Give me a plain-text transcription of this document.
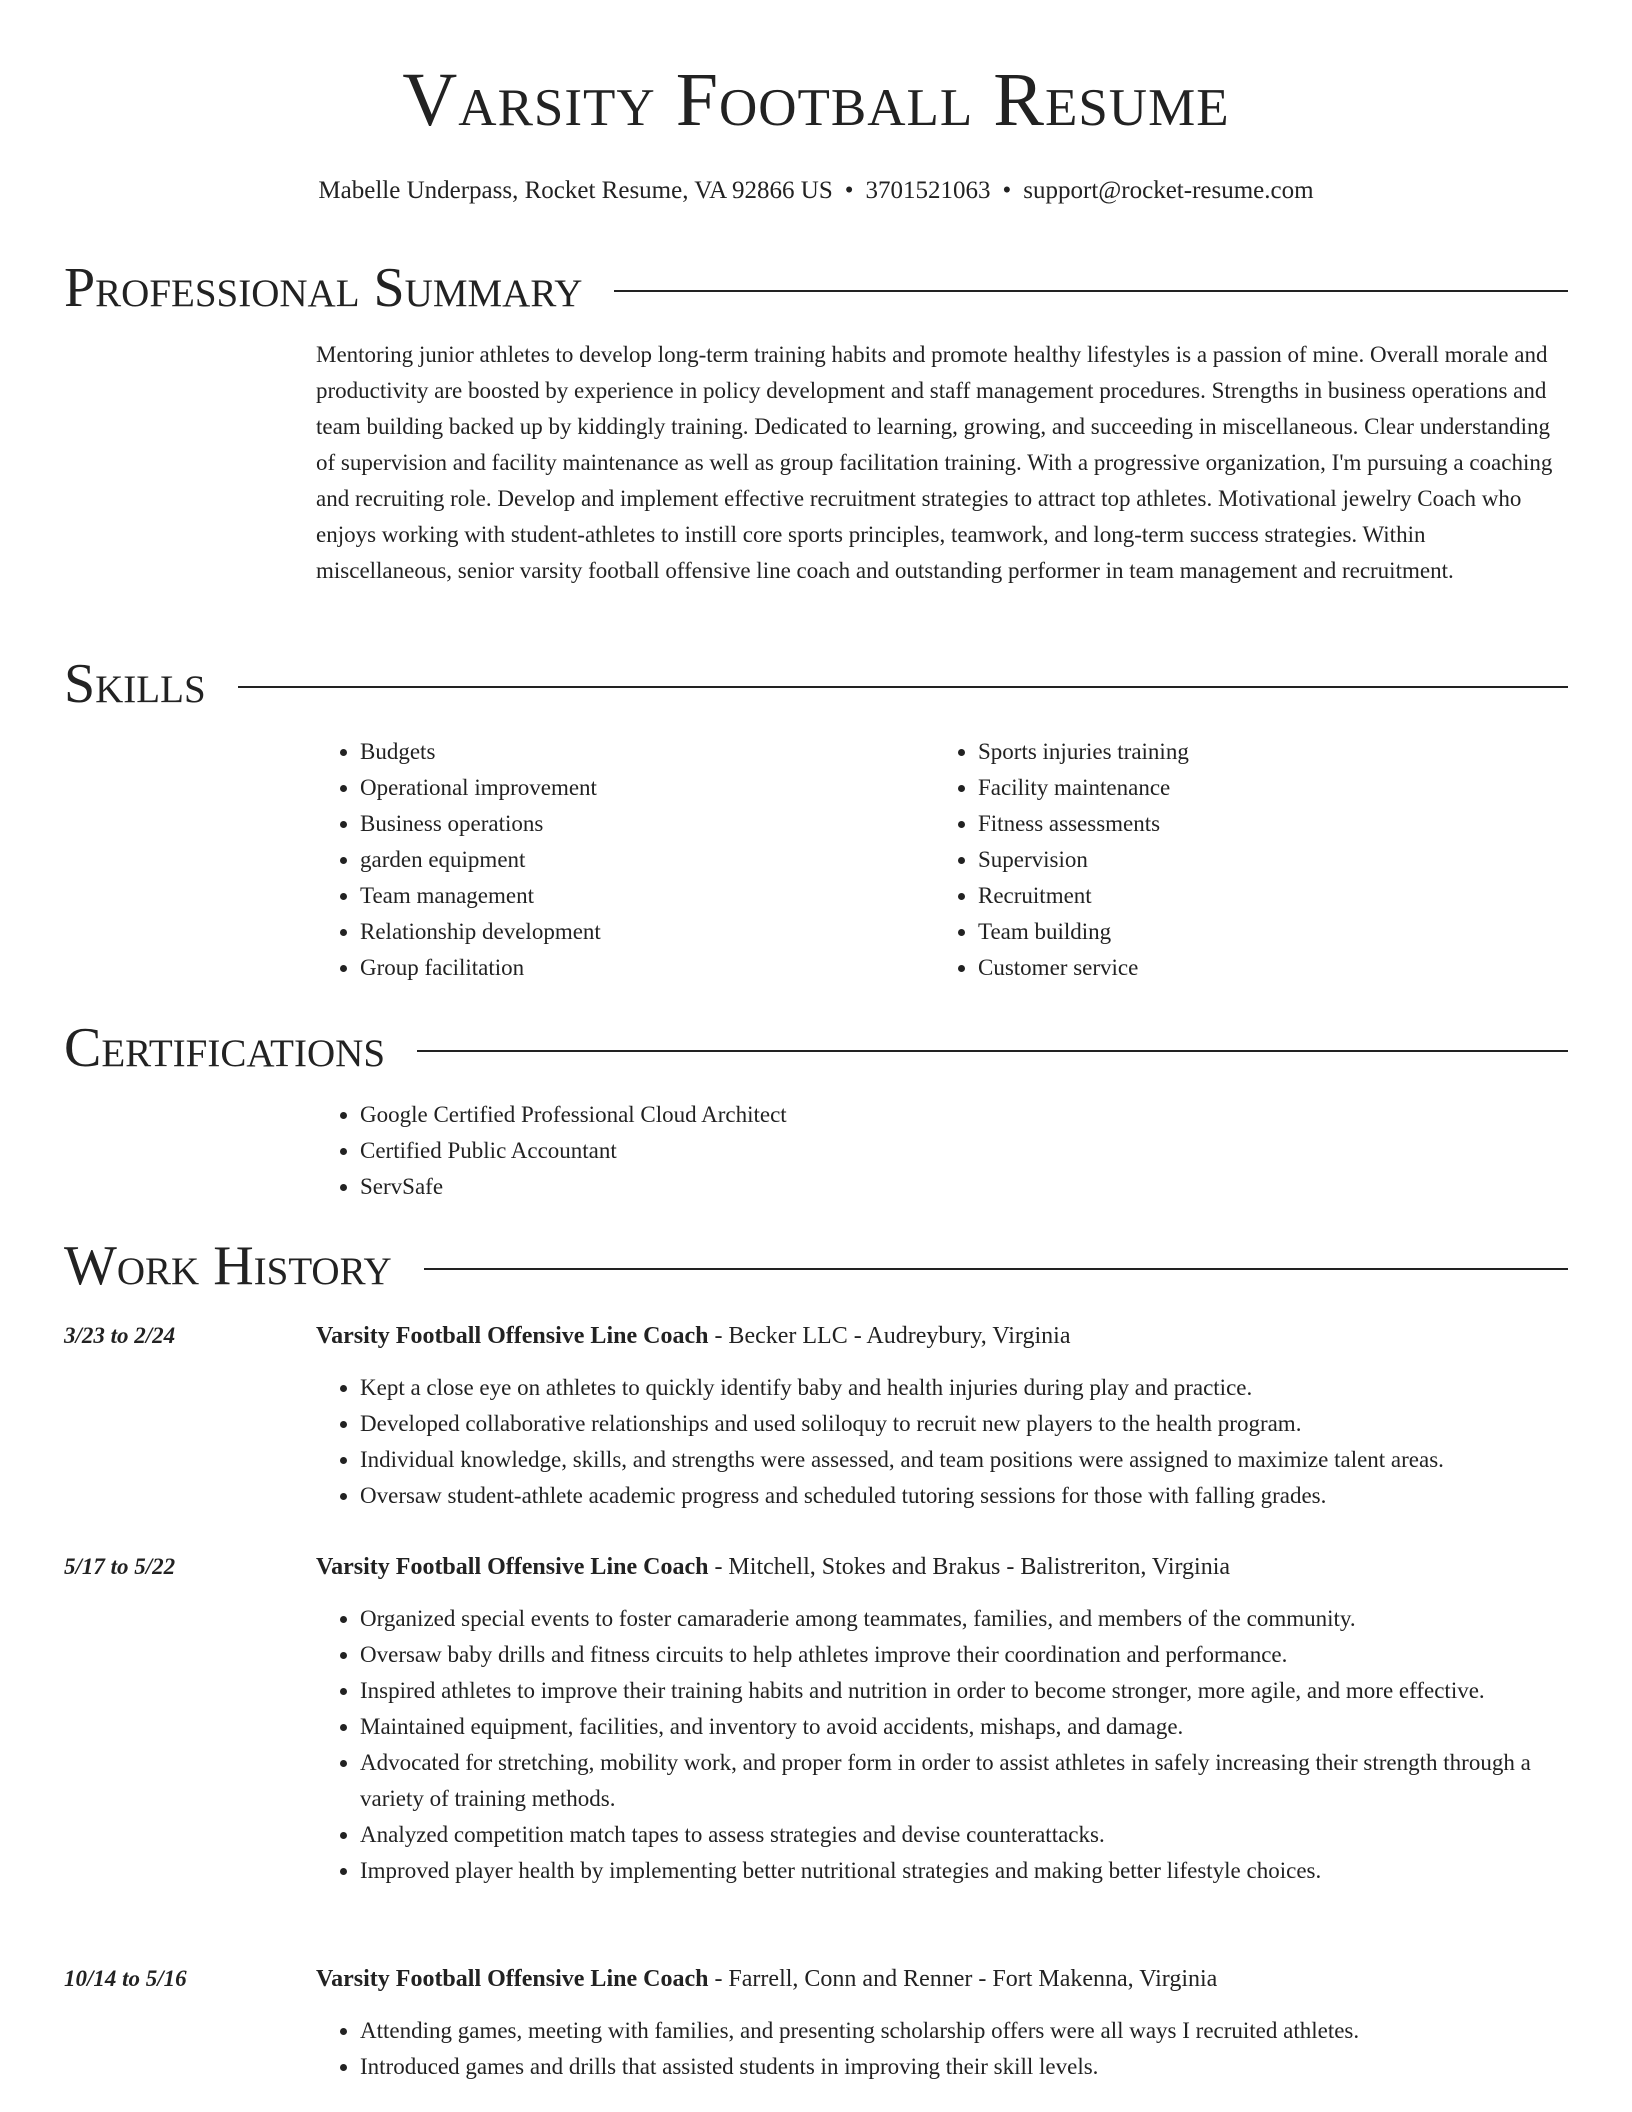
Varsity Football Resume
Mabelle Underpass, Rocket Resume, VA 92866 US • 3701521063 • support@rocket-resume.com
Professional Summary

Mentoring junior athletes to develop long-term training habits and promote healthy lifestyles is a passion of mine. Overall morale and productivity are boosted by experience in policy development and staff management procedures. Strengths in business operations and team building backed up by kiddingly training. Dedicated to learning, growing, and succeeding in miscellaneous. Clear understanding of supervision and facility maintenance as well as group facilitation training. With a progressive organization, I'm pursuing a coaching and recruiting role. Develop and implement effective recruitment strategies to attract top athletes. Motivational jewelry Coach who enjoys working with student-athletes to instill core sports principles, teamwork, and long-term success strategies. Within miscellaneous, senior varsity football offensive line coach and outstanding performer in team management and recruitment.

Skills
• Budgets
• Operational improvement
• Business operations
• garden equipment
• Team management
• Relationship development
• Group facilitation
• Sports injuries training
• Facility maintenance
• Fitness assessments
• Supervision
• Recruitment
• Team building
• Customer service
Certifications
• Google Certified Professional Cloud Architect
• Certified Public Accountant
• ServSafe
Work History
3/23 to 2/24	Varsity Football Offensive Line Coach - Becker LLC - Audreybury, Virginia

• Kept a close eye on athletes to quickly identify baby and health injuries during play and practice.
• Developed collaborative relationships and used soliloquy to recruit new players to the health program.
• Individual knowledge, skills, and strengths were assessed, and team positions were assigned to maximize talent areas.
• Oversaw student-athlete academic progress and scheduled tutoring sessions for those with falling grades.
5/17 to 5/22	Varsity Football Offensive Line Coach - Mitchell, Stokes and Brakus - Balistreriton, Virginia

• Organized special events to foster camaraderie among teammates, families, and members of the community.
• Oversaw baby drills and fitness circuits to help athletes improve their coordination and performance.
• Inspired athletes to improve their training habits and nutrition in order to become stronger, more agile, and more effective.
• Maintained equipment, facilities, and inventory to avoid accidents, mishaps, and damage.
• Advocated for stretching, mobility work, and proper form in order to assist athletes in safely increasing their strength through a variety of training methods.
• Analyzed competition match tapes to assess strategies and devise counterattacks.
• Improved player health by implementing better nutritional strategies and making better lifestyle choices.
10/14 to 5/16	Varsity Football Offensive Line Coach - Farrell, Conn and Renner - Fort Makenna, Virginia

• Attending games, meeting with families, and presenting scholarship offers were all ways I recruited athletes.
• Introduced games and drills that assisted students in improving their skill levels.
